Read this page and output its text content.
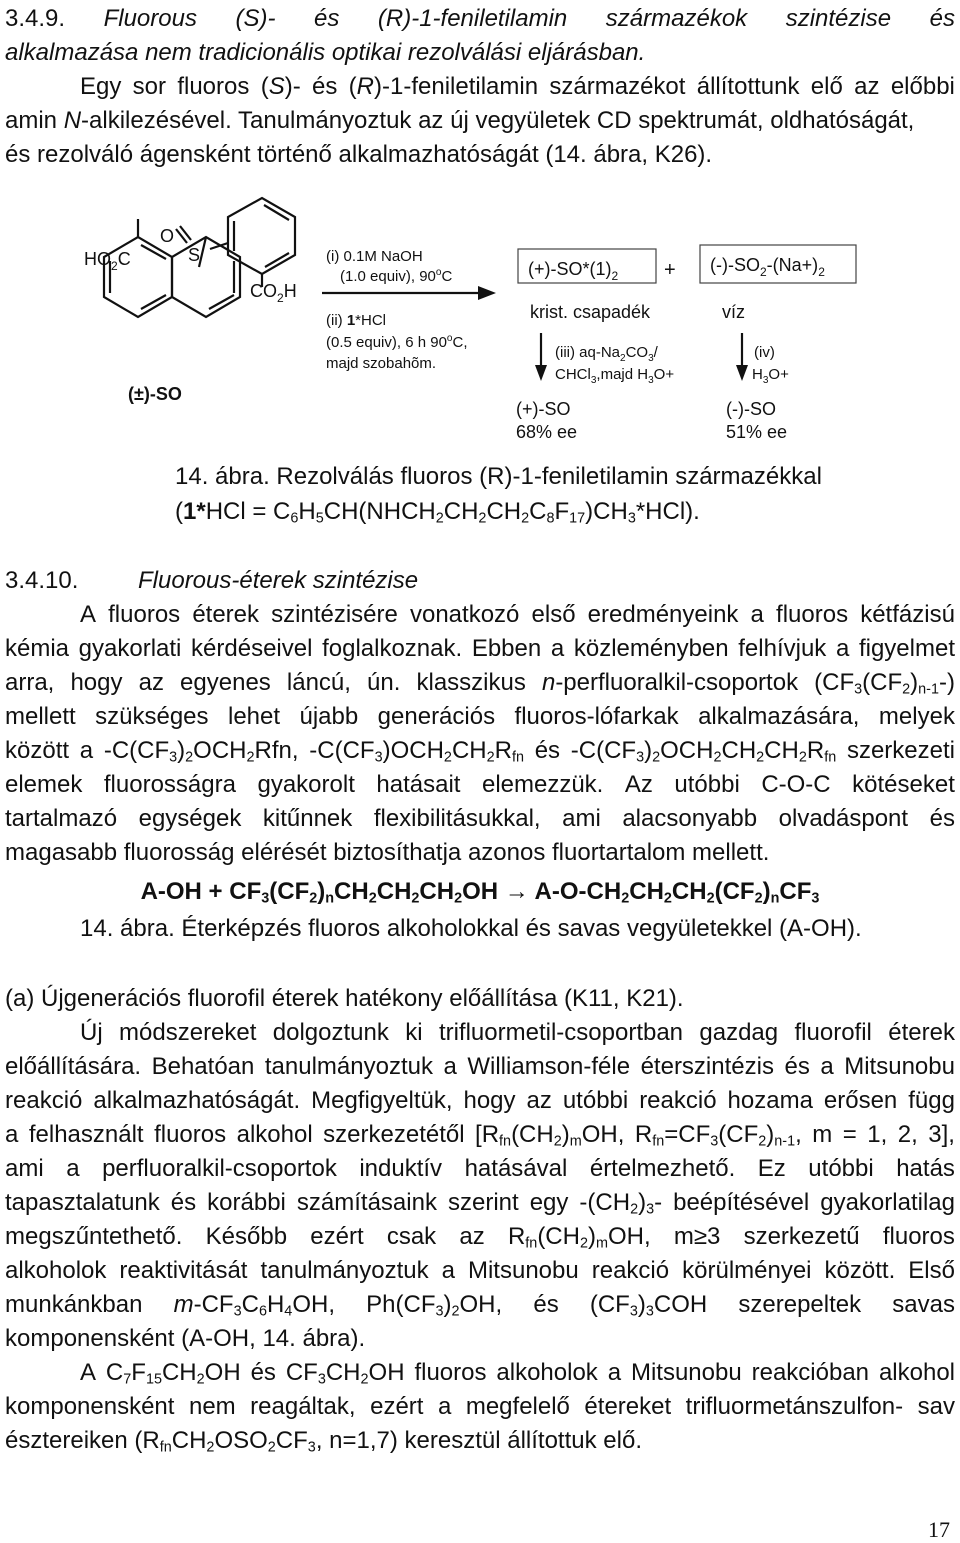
3.4.9. Fluorous (S)- és (R)-1-feniletilamin származékok szintézise és
alkalmazása nem tradicionális optikai rezolválási eljárásban.
Egy sor fluoros (S)- és (R)-1-feniletilamin származékot állítottunk elő az előbbi
amin N-alkilezésével. Tanulmányoztuk az új vegyületek CD spektrumát, oldhatóságát,
és rezolváló ágensként történő alkalmazhatóságát (14. ábra, K26).
$HO_2C$
O
S
$CO_2H$
(±)-SO
(i) 0.1M NaOH
(1.0 equiv), 90$^o$C
(ii) 1*HCl
(0.5 equiv), 6 h 90$^o$C,
majd szobahõm.
$(+)-SO*(1)_2 + (-)-SO_2-(Na+)_2$
krist. csapadék	víz
(iii) $aq-Na_2CO_3/$
CHCl$_3$,majd $H_3O+$
(iv)
$H_3O+$
(+)-SO
68% ee
(-)-SO
51% ee
14. ábra. Rezolválás fluoros (R)-1-feniletilamin származékkal
$(1*HCl = C_6H_5CH(NHCH_2CH_2CH_2C_8F_{17})CH_3*HCl)$.
3.4.10. Fluorous-éterek szintézise
A fluoros éterek szintézisére vonatkozó első eredményeink a fluoros kétfázisú
kémia gyakorlati kérdéseivel foglalkoznak. Ebben a közleményben felhívjuk a figyelmet
arra, hogy az egyenes láncú, ún. klasszikus n-perfluoralkil-csoportok $(CF_3(CF_2)_{n-1}-)$
mellett szükséges lehet újabb generációs fluoros-lófarkak alkalmazására, melyek
között a $-C(CF_3)_2OCH_2Rfn$, $-C(CF_3)OCH_2CH_2R_{fn}$ és $-C(CF_3)_2OCH_2CH_2CH_2R_{fn}$ szerkezeti
elemek fluorosságra gyakorolt hatásait elemezzük. Az utóbbi C-O-C kötéseket
tartalmazó egységek kitűnnek flexibilitásukkal, ami alacsonyabb olvadáspont és
magasabb fluorosság elérését biztosíthatja azonos fluortartalom mellett.
$A-OH + CF_3(CF_2)_nCH_2CH_2CH_2OH \to A-O-CH_2CH_2CH_2(CF_2)_nCF_3$
14. ábra. Éterképzés fluoros alkoholokkal és savas vegyületekkel (A-OH).
(a) Újgenerációs fluorofil éterek hatékony előállítása (K11, K21).
Új módszereket dolgoztunk ki trifluormetil-csoportban gazdag fluorofil éterek
előállítására. Behatóan tanulmányoztuk a Williamson-féle éterszintézis és a Mitsunobu
reakció alkalmazhatóságát. Megfigyeltük, hogy az utóbbi reakció hozama erősen függ
a felhasznált fluoros alkohol szerkezetétől [$R_{fn}(CH_2)_mOH$, $R_{fn}=CF_3(CF_2)_{n-1}$, m = 1, 2, 3],
ami a perfluoralkil-csoportok induktív hatásával értelmezhető. Ez utóbbi hatás
tapasztalatunk és korábbi számításaink szerint egy $-(CH_2)_3-$ beépítésével gyakorlatilag
megszűntethető. Később ezért csak az $R_{fn}(CH_2)_mOH$, m≥3 szerkezetű fluoros
alkoholok reaktivitását tanulmányoztuk a Mitsunobu reakció körülményei között. Első
munkánkban $m-CF_3C_6H_4OH$, $Ph(CF_3)_2OH$, és $(CF_3)_3COH$ szerepeltek savas
komponensként (A-OH, 14. ábra).
A $C_7F_{15}CH_2OH$ és $CF_3CH_2OH$ fluoros alkoholok a Mitsunobu reakcióban alkohol
komponensként nem reagáltak, ezért a megfelelő étereket trifluormetánszulfon- sav
észtereiken ($R_{fn}CH_2OSO_2CF_3$, n=1,7) keresztül állítottuk elő.
17
